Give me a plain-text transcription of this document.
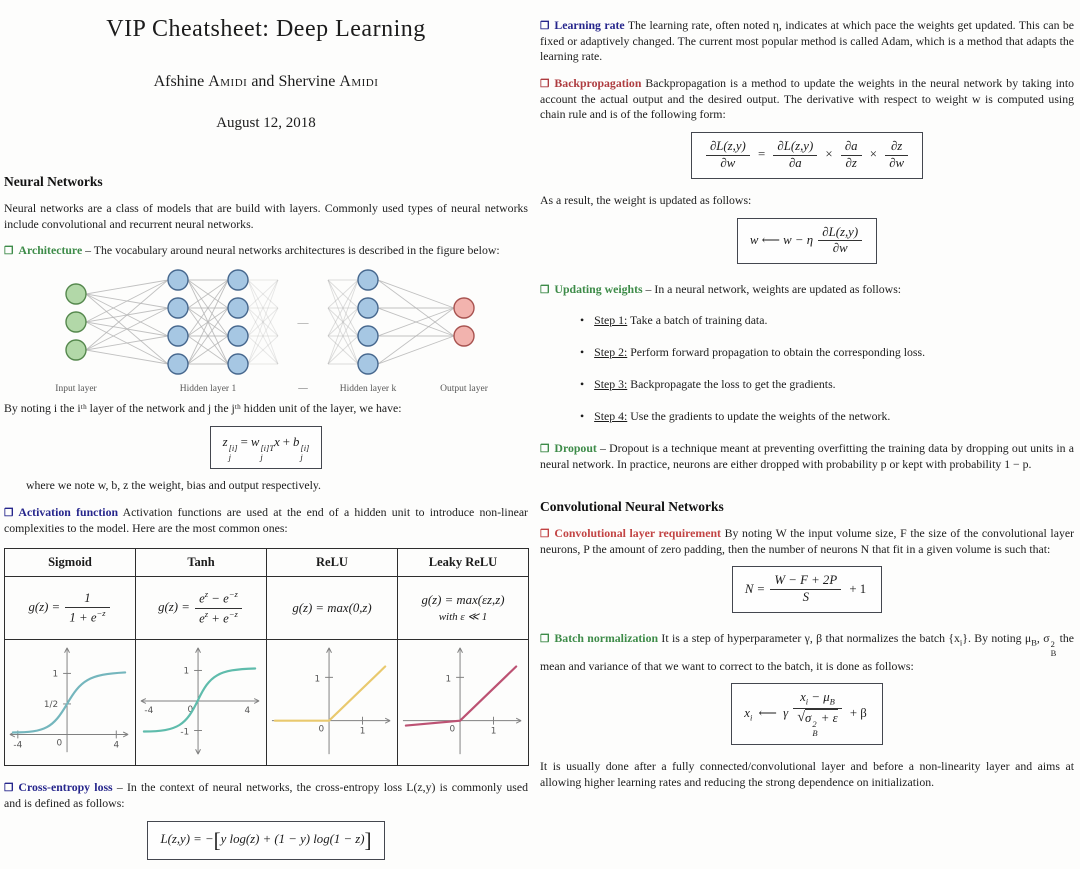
VIP Cheatsheet: Deep Learning
Afshine Amidi and Shervine Amidi
August 12, 2018
Neural Networks

Neural networks are a class of models that are build with layers. Commonly used types of neural networks include convolutional and recurrent neural networks.

❒ Architecture – The vocabulary around neural networks architectures is described in the figure below:

—
Input layer	Hidden layer 1	—	Hidden layer k	Output layer

By noting i the iᵗʰ layer of the network and j the jᵗʰ hidden unit of the layer, we have:

z [i]
j
= w [i]T
j
x + b [i]
j

where we note w, b, z the weight, bias and output respectively.

❒ Activation function Activation functions are used at the end of a hidden unit to introduce non-linear complexities to the model. Here are the most common ones:

Sigmoid	Tanh	ReLU	Leaky ReLU
$g(z) = \frac{1}{1 + e^{-z}}$	$g(z) = \frac{e^z - e^{-z}}{e^z + e^{-z}}$	g(z) = max(0,z)	g(z) = max(εz,z)
with ε ≪ 1

1
1/2
0
-4 4	1
-1
0
-4 4	1
0 1	1
0 1

❒ Cross-entropy loss – In the context of neural networks, the cross-entropy loss L(z,y) is commonly used and is defined as follows:

L(z,y) = −[y log(z) + (1 − y) log(1 − z)]

❒ Learning rate The learning rate, often noted η, indicates at which pace the weights get updated. This can be fixed or adaptively changed. The current most popular method is called Adam, which is a method that adapts the learning rate.

❒ Backpropagation Backpropagation is a method to update the weights in the neural network by taking into account the actual output and the desired output. The derivative with respect to weight w is computed using chain rule and is of the following form:

$\frac{\partial L(z,y)}{\partial w} = \frac{\partial L(z,y)}{\partial a} \times \frac{\partial a}{\partial z} \times \frac{\partial z}{\partial w}$

As a result, the weight is updated as follows:

w ⟵ w − η $\frac{\partial L(z,y)}{\partial w}$

❒ Updating weights – In a neural network, weights are updated as follows:

• Step 1: Take a batch of training data.
• Step 2: Perform forward propagation to obtain the corresponding loss.
• Step 3: Backpropagate the loss to get the gradients.
• Step 4: Use the gradients to update the weights of the network.

❒ Dropout – Dropout is a technique meant at preventing overfitting the training data by dropping out units in a neural network. In practice, neurons are either dropped with probability p or kept with probability 1 − p.

Convolutional Neural Networks

❒ Convolutional layer requirement By noting W the input volume size, F the size of the convolutional layer neurons, P the amount of zero padding, then the number of neurons N that fit in a given volume is such that:

$N = \frac{W - F + 2P}{S} + 1$

❒ Batch normalization It is a step of hyperparameter γ, β that normalizes the batch $\{x_i\}$. By noting $\mu_B$, σ 2
B
the mean and variance of that we want to correct to the batch, it is done as follows:

$x_i$ ⟵ γ $x_i - \mu_B$
√σ 2
B
+ ε + β

It is usually done after a fully connected/convolutional layer and before a non-linearity layer and aims at allowing higher learning rates and reducing the strong dependence on initialization.
